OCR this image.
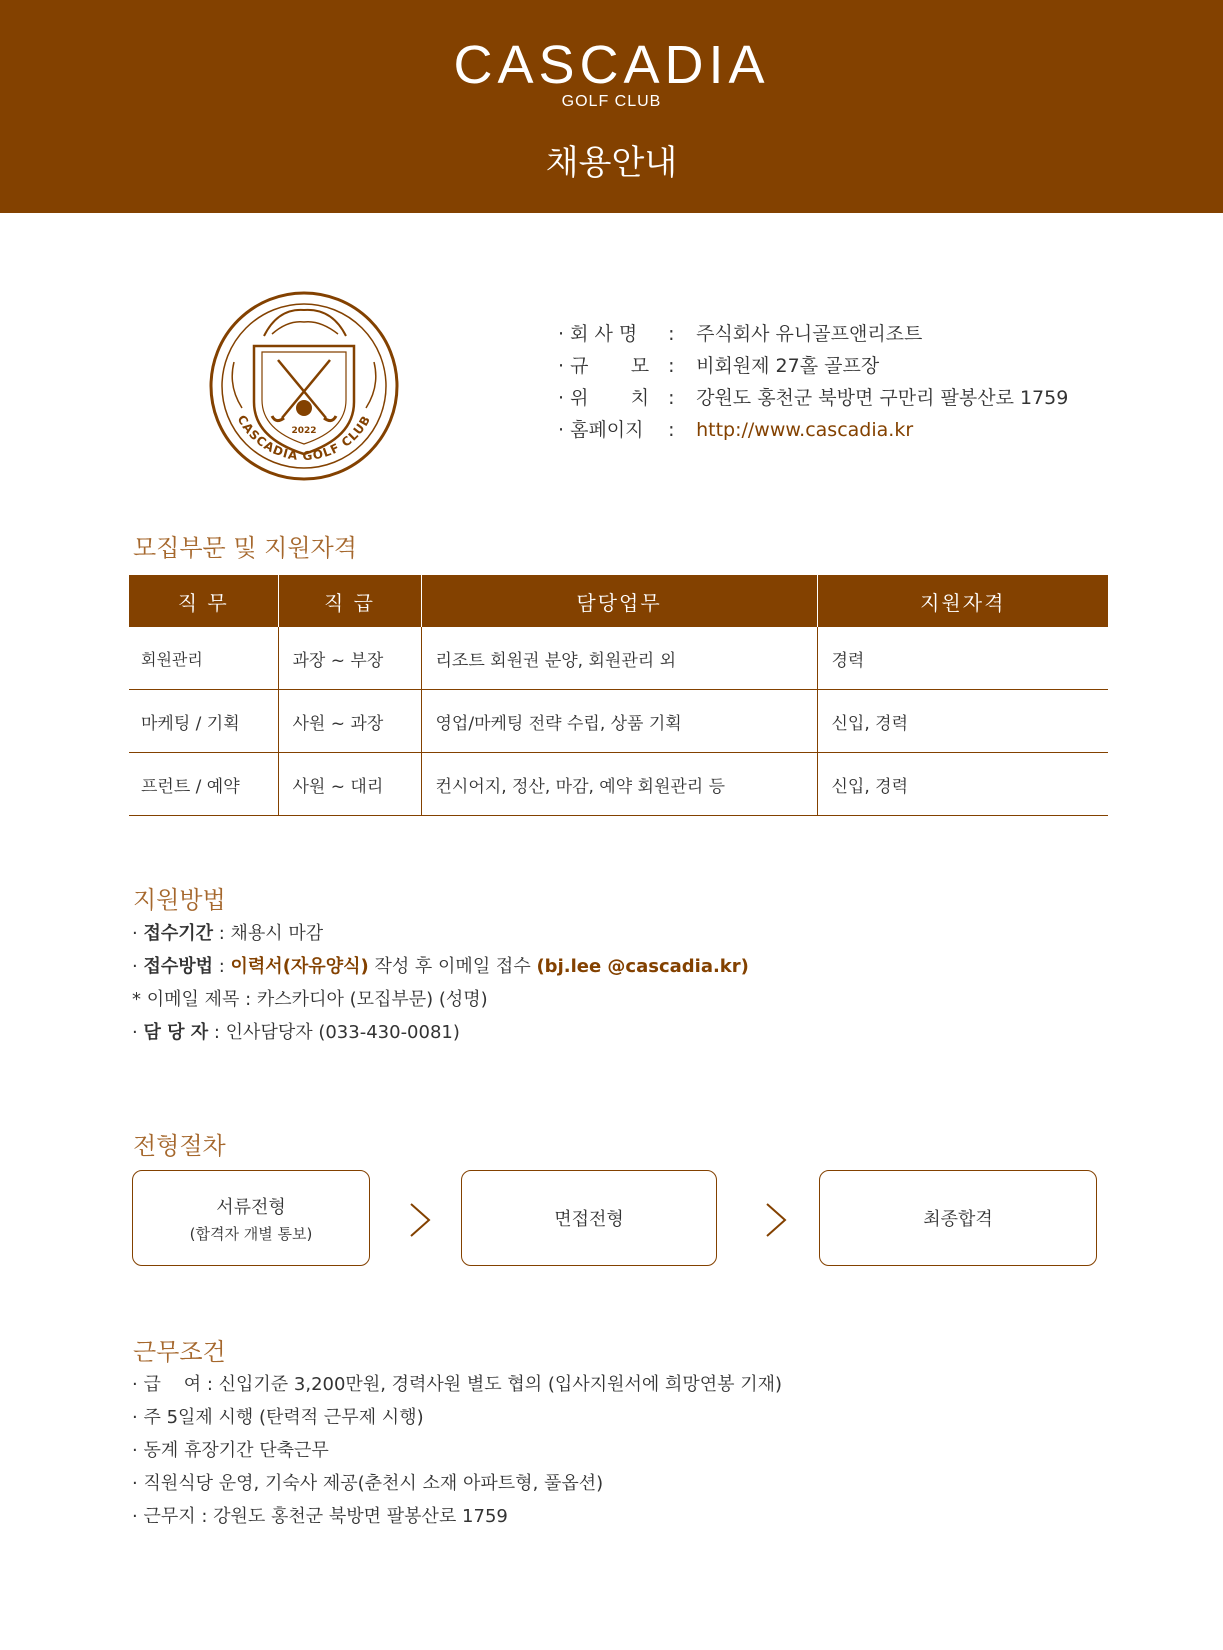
CASCADIA
GOLF CLUB
채용안내
2022
CASCADIA GOLF CLUB
· 회 사 명 : 주식회사 유니골프앤리조트
· 규       모 : 비회원제 27홀 골프장
· 위       치 : 강원도 홍천군 북방면 구만리 팔봉산로 1759
· 홈페이지 : http://www.cascadia.kr
모집부문 및 지원자격
직 무	직 급	담당업무	지원자격
회원관리	과장 ~ 부장	리조트 회원권 분양, 회원관리 외	경력
마케팅 / 기획	사원 ~ 과장	영업/마케팅 전략 수립, 상품 기획	신입, 경력
프런트 / 예약	사원 ~ 대리	컨시어지, 정산, 마감, 예약 회원관리 등	신입, 경력
지원방법
· 접수기간 : 채용시 마감
· 접수방법 : 이력서(자유양식) 작성 후 이메일 접수 (bj.lee @cascadia.kr)
* 이메일 제목 : 카스카디아 (모집부문) (성명)
· 담 당 자 : 인사담당자 (033-430-0081)
전형절차
서류전형
(합격자 개별 통보)
면접전형	최종합격
근무조건
· 급    여 : 신입기준 3,200만원, 경력사원 별도 협의 (입사지원서에 희망연봉 기재)
· 주 5일제 시행 (탄력적 근무제 시행)
· 동계 휴장기간 단축근무
· 직원식당 운영, 기숙사 제공(춘천시 소재 아파트형, 풀옵션)
· 근무지 : 강원도 홍천군 북방면 팔봉산로 1759
